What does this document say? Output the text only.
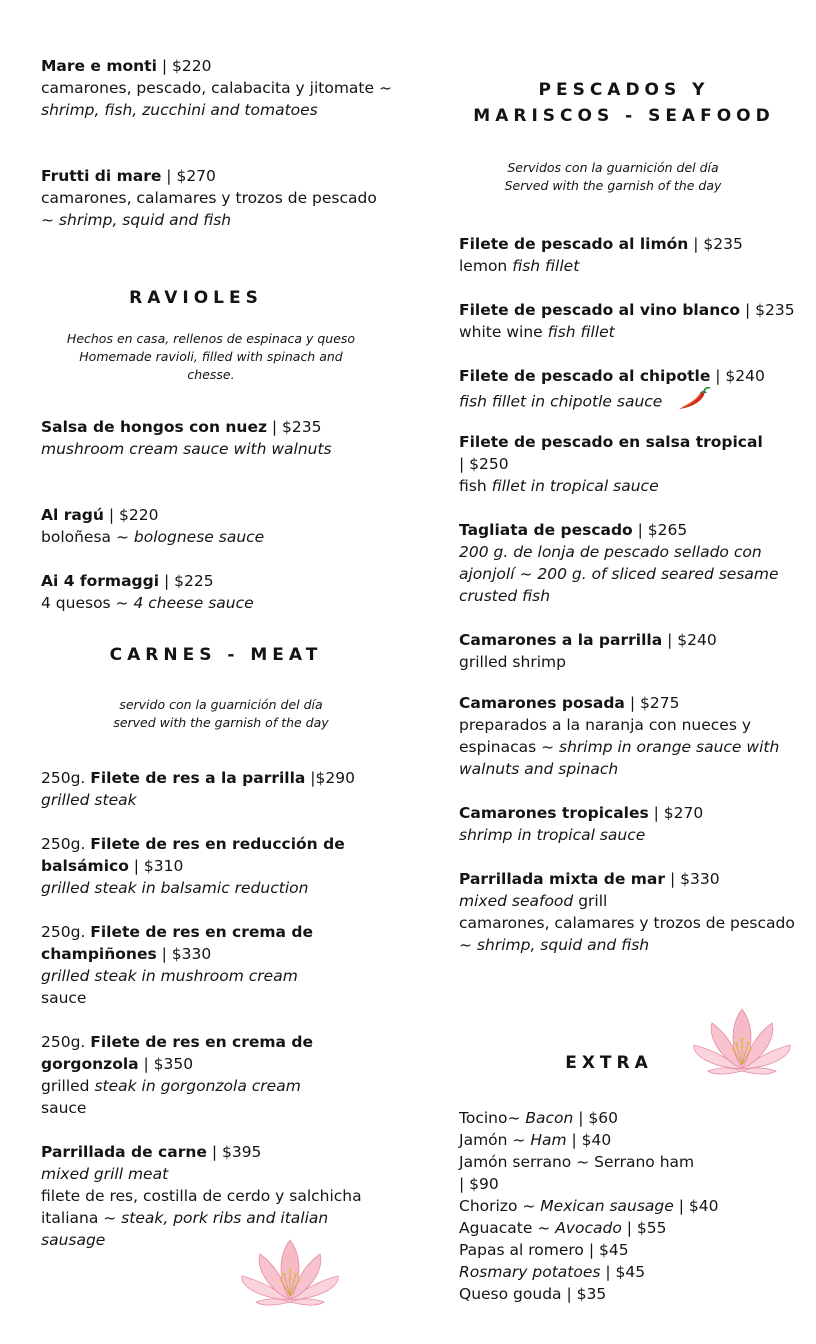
Mare e monti | $220
camarones, pescado, calabacita y jitomate ~ shrimp, fish, zucchini and tomatoes
Frutti di mare | $270
camarones, calamares y trozos de pescado ~ shrimp, squid and fish
RAVIOLES
Hechos en casa, rellenos de espinaca y queso
Homemade ravioli, filled with spinach and chesse.
Salsa de hongos con nuez | $235
mushroom cream sauce with walnuts
Al ragú | $220
boloñesa ~ bolognese sauce
Ai 4 formaggi | $225
4 quesos ~ 4 cheese sauce
CARNES - MEAT
servido con la guarnición del día
served with the garnish of the day
250g. Filete de res a la parrilla |$290
grilled steak
250g. Filete de res en reducción de balsámico | $310
grilled steak in balsamic reduction
250g. Filete de res en crema de champiñones | $330
grilled steak in mushroom cream
sauce
250g. Filete de res en crema de gorgonzola | $350
grilled steak in gorgonzola cream
sauce
Parrillada de carne | $395
mixed grill meat
filete de res, costilla de cerdo y salchicha italiana ~ steak, pork ribs and italian sausage
PESCADOS Y
MARISCOS - SEAFOOD
Servidos con la guarnición del día
Served with the garnish of the day
Filete de pescado al limón | $235
lemon fish fillet
Filete de pescado al vino blanco | $235
white wine fish fillet
Filete de pescado al chipotle | $240
fish fillet in chipotle sauce
Filete de pescado en salsa tropical
| $250
fish fillet in tropical sauce
Tagliata de pescado | $265
200 g. de lonja de pescado sellado con ajonjolí ~ 200 g. of sliced seared sesame crusted fish
Camarones a la parrilla | $240
grilled shrimp
Camarones posada | $275
preparados a la naranja con nueces y espinacas ~ shrimp in orange sauce with walnuts and spinach
Camarones tropicales | $270
shrimp in tropical sauce
Parrillada mixta de mar | $330
mixed seafood grill
camarones, calamares y trozos de pescado ~ shrimp, squid and fish
EXTRA
Tocino~ Bacon | $60
Jamón ~ Ham | $40
Jamón serrano ~ Serrano ham
| $90
Chorizo ~ Mexican sausage | $40
Aguacate ~ Avocado | $55
Papas al romero | $45
Rosmary potatoes | $45
Queso gouda | $35
